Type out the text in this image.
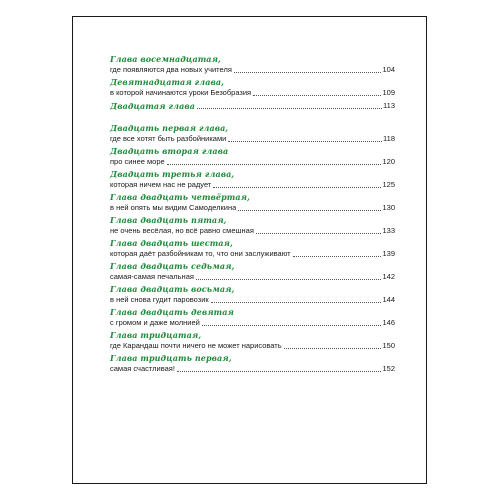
Глава восемнадцатая,
где появляются два новых учителя	104
Девятнадцатая глава,
в которой начинаются уроки Безобразия	109
Двадцатая глава	113
Двадцать первая глава,
где все хотят быть разбойниками	118
Двадцать вторая глава
про синее море	120
Двадцать третья глава,
которая ничем нас не радует	125
Глава двадцать четвёртая,
в ней опять мы видим Самоделкина	130
Глава двадцать пятая,
не очень весёлая, но всё равно смешная	133
Глава двадцать шестая,
которая даёт разбойникам то, что они заслуживают	139
Глава двадцать седьмая,
самая-самая печальная	142
Глава двадцать восьмая,
в ней снова гудит паровозик	144
Глава двадцать девятая
с громом и даже молнией	146
Глава тридцатая,
где Карандаш почти ничего не может нарисовать	150
Глава тридцать первая,
самая счастливая!	152
